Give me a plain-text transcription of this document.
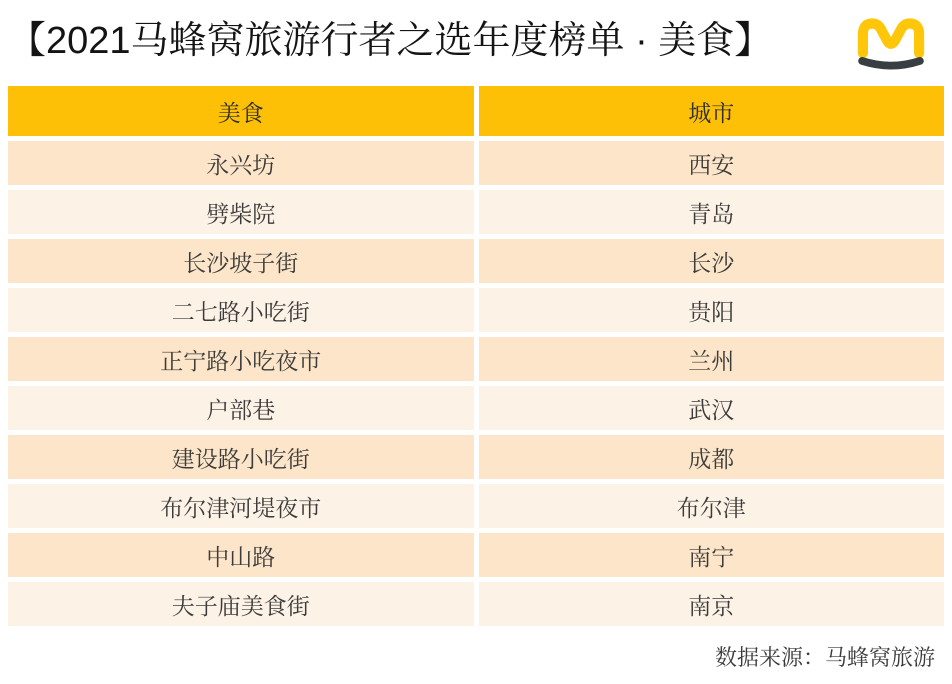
【2021马蜂窝旅游行者之选年度榜单 · 美食】
美食	城市
永兴坊	西安
劈柴院	青岛
长沙坡子街	长沙
二七路小吃街	贵阳
正宁路小吃夜市	兰州
户部巷	武汉
建设路小吃街	成都
布尔津河堤夜市	布尔津
中山路	南宁
夫子庙美食街	南京
数据来源：马蜂窝旅游
